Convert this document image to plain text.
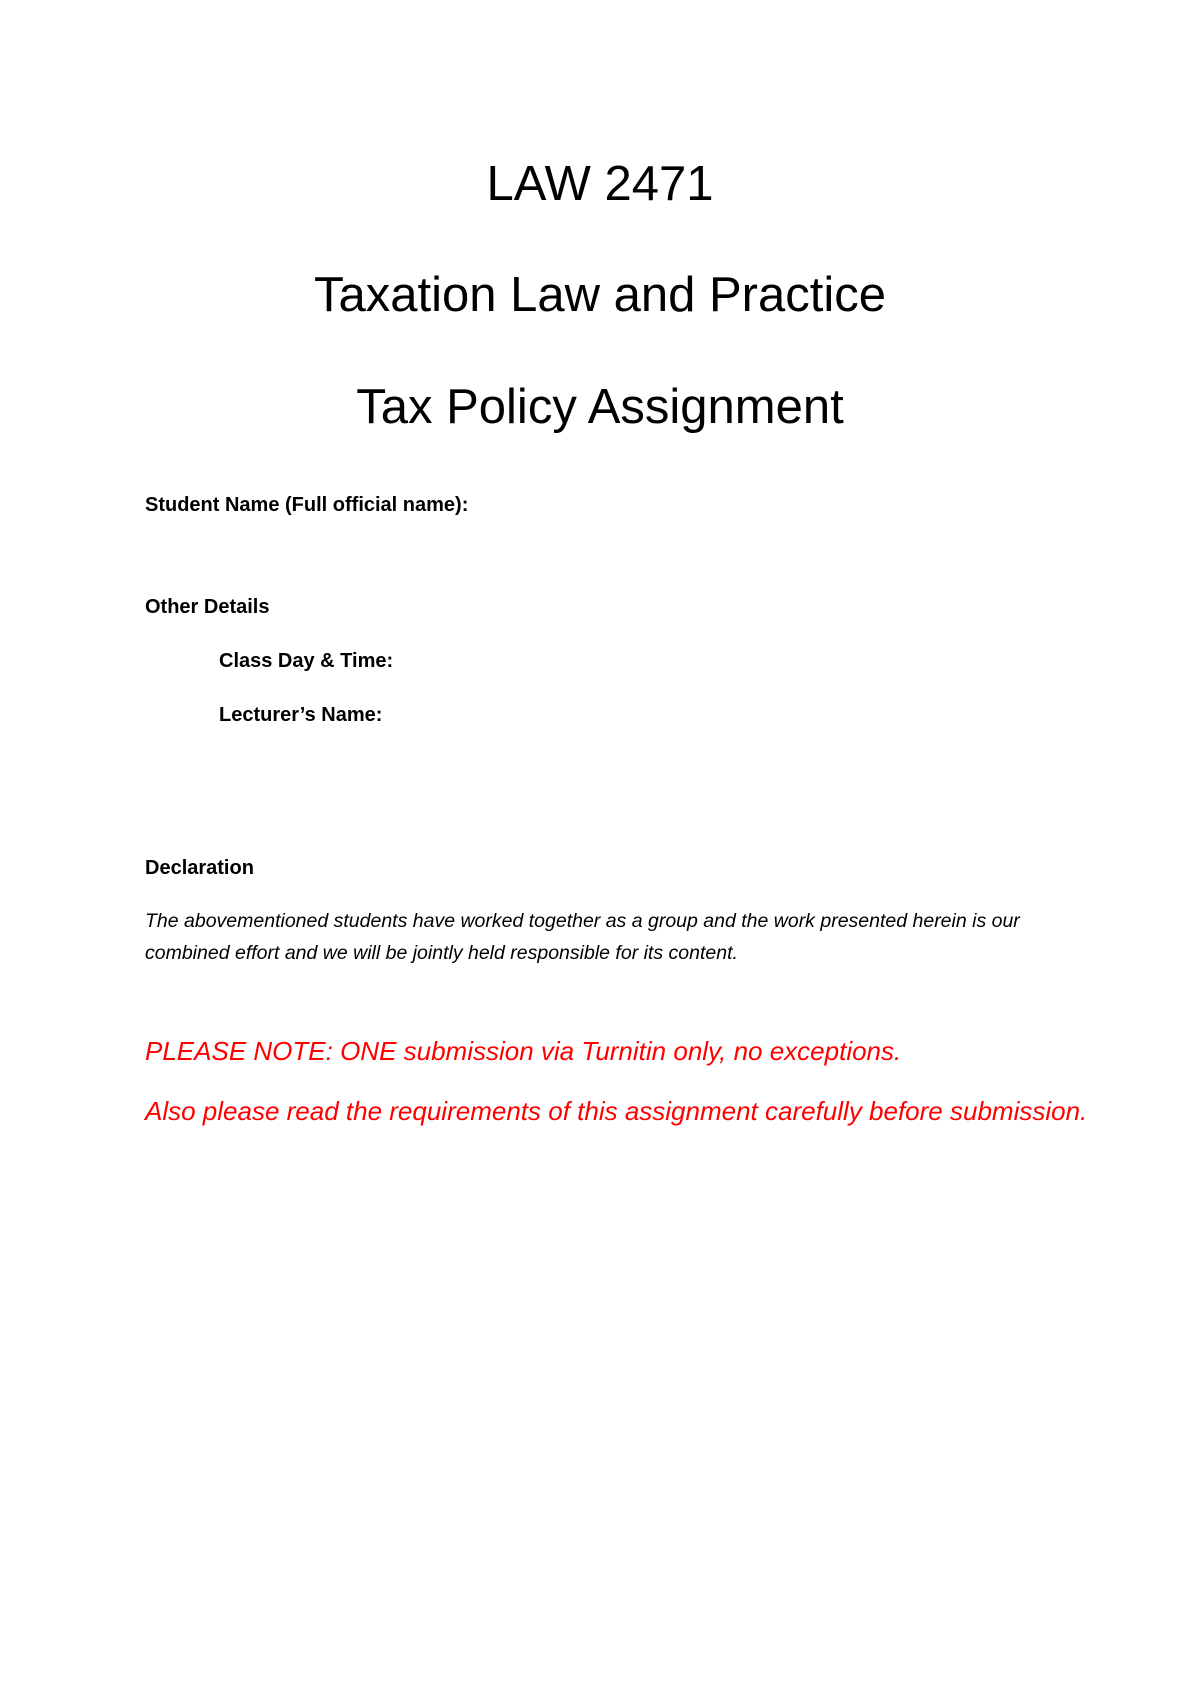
LAW 2471
Taxation Law and Practice
Tax Policy Assignment

Student Name (Full official name):

Other Details

Class Day & Time:

Lecturer’s Name:

Declaration

The abovementioned students have worked together as a group and the work presented herein is our combined effort and we will be jointly held responsible for its content.

PLEASE NOTE: ONE submission via Turnitin only, no exceptions.

Also please read the requirements of this assignment carefully before submission.
